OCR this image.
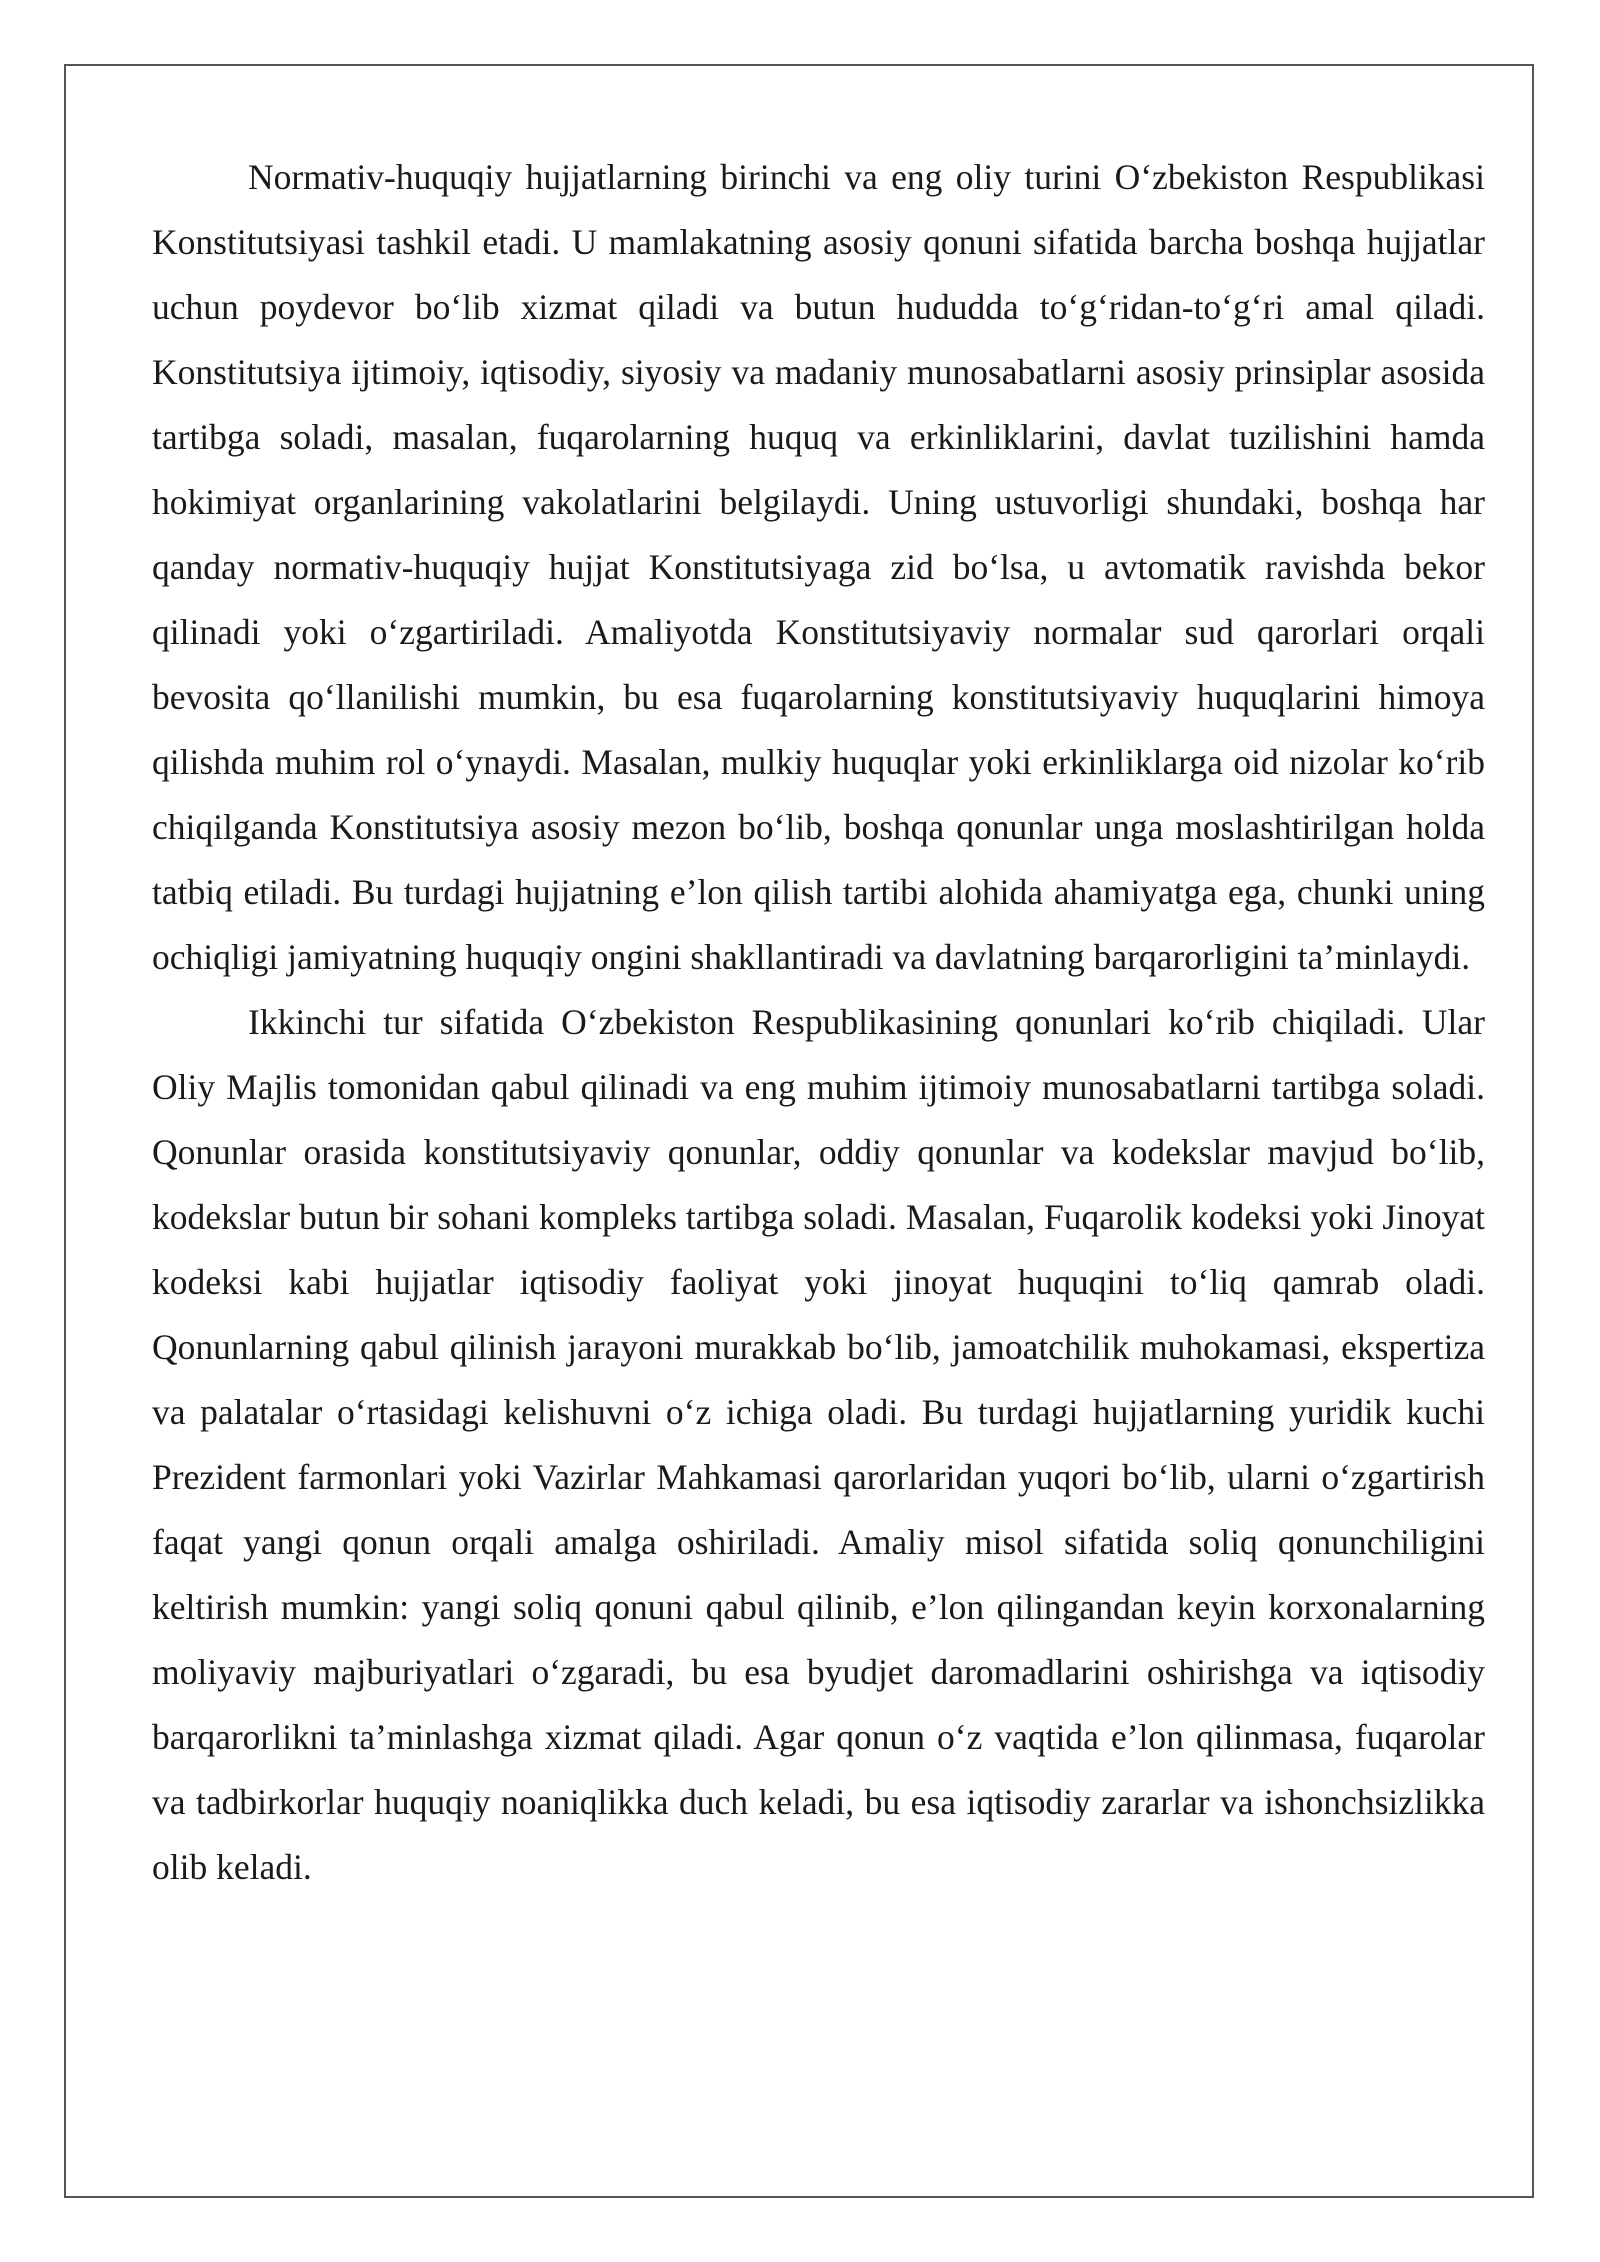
Normativ-huquqiy hujjatlarning birinchi va eng oliy turini O‘zbekiston Respublikasi Konstitutsiyasi tashkil etadi. U mamlakatning asosiy qonuni sifatida barcha boshqa hujjatlar uchun poydevor bo‘lib xizmat qiladi va butun hududda to‘g‘ridan-to‘g‘ri amal qiladi. Konstitutsiya ijtimoiy, iqtisodiy, siyosiy va madaniy munosabatlarni asosiy prinsiplar asosida tartibga soladi, masalan, fuqarolarning huquq va erkinliklarini, davlat tuzilishini hamda hokimiyat organlarining vakolatlarini belgilaydi. Uning ustuvorligi shundaki, boshqa har qanday normativ-huquqiy hujjat Konstitutsiyaga zid bo‘lsa, u avtomatik ravishda bekor qilinadi yoki o‘zgartiriladi. Amaliyotda Konstitutsiyaviy normalar sud qarorlari orqali bevosita qo‘llanilishi mumkin, bu esa fuqarolarning konstitutsiyaviy huquqlarini himoya qilishda muhim rol o‘ynaydi. Masalan, mulkiy huquqlar yoki erkinliklarga oid nizolar ko‘rib chiqilganda Konstitutsiya asosiy mezon bo‘lib, boshqa qonunlar unga moslashtirilgan holda tatbiq etiladi. Bu turdagi hujjatning e’lon qilish tartibi alohida ahamiyatga ega, chunki uning ochiqligi jamiyatning huquqiy ongini shakllantiradi va davlatning barqarorligini ta’minlaydi.

Ikkinchi tur sifatida O‘zbekiston Respublikasining qonunlari ko‘rib chiqiladi. Ular Oliy Majlis tomonidan qabul qilinadi va eng muhim ijtimoiy munosabatlarni tartibga soladi. Qonunlar orasida konstitutsiyaviy qonunlar, oddiy qonunlar va kodekslar mavjud bo‘lib, kodekslar butun bir sohani kompleks tartibga soladi. Masalan, Fuqarolik kodeksi yoki Jinoyat kodeksi kabi hujjatlar iqtisodiy faoliyat yoki jinoyat huquqini to‘liq qamrab oladi. Qonunlarning qabul qilinish jarayoni murakkab bo‘lib, jamoatchilik muhokamasi, ekspertiza va palatalar o‘rtasidagi kelishuvni o‘z ichiga oladi. Bu turdagi hujjatlarning yuridik kuchi Prezident farmonlari yoki Vazirlar Mahkamasi qarorlaridan yuqori bo‘lib, ularni o‘zgartirish faqat yangi qonun orqali amalga oshiriladi. Amaliy misol sifatida soliq qonunchiligini keltirish mumkin: yangi soliq qonuni qabul qilinib, e’lon qilingandan keyin korxonalarning moliyaviy majburiyatlari o‘zgaradi, bu esa byudjet daromadlarini oshirishga va iqtisodiy barqarorlikni ta’minlashga xizmat qiladi. Agar qonun o‘z vaqtida e’lon qilinmasa, fuqarolar va tadbirkorlar huquqiy noaniqlikka duch keladi, bu esa iqtisodiy zararlar va ishonchsizlikka olib keladi.
